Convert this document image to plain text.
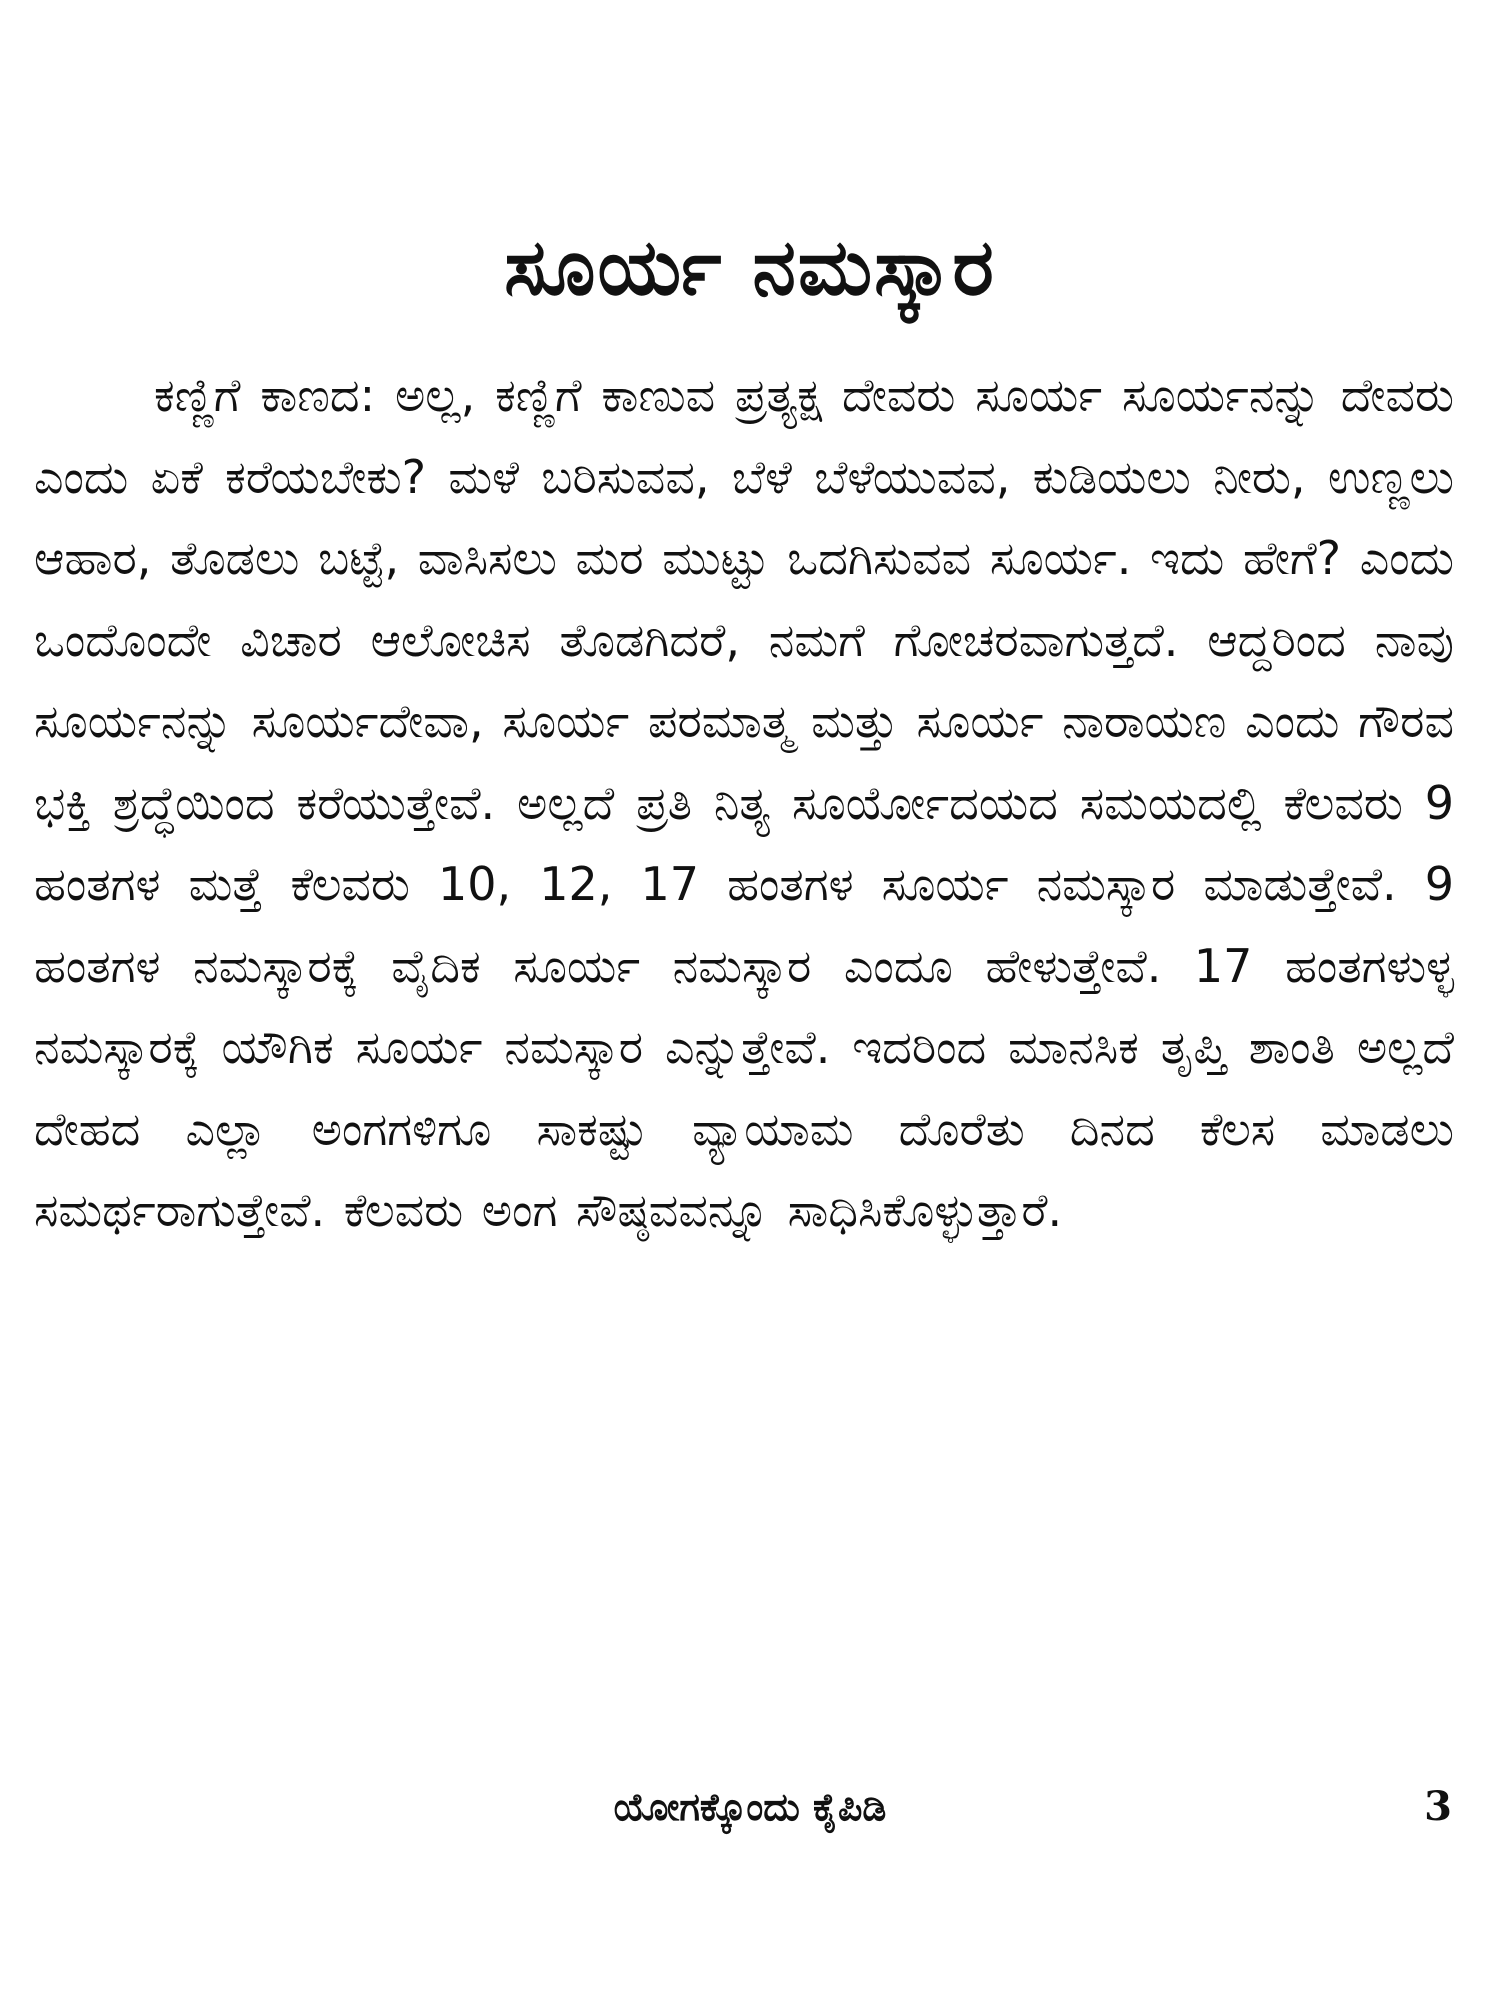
ಸೂರ್ಯ ನಮಸ್ಕಾರ

ಕಣ್ಣಿಗೆ ಕಾಣದ: ಅಲ್ಲ, ಕಣ್ಣಿಗೆ ಕಾಣುವ ಪ್ರತ್ಯಕ್ಷ ದೇವರು ಸೂರ್ಯ ಸೂರ್ಯನನ್ನು ದೇವರು ಎಂದು ಏಕೆ ಕರೆಯಬೇಕು? ಮಳೆ ಬರಿಸುವವ, ಬೆಳೆ ಬೆಳೆಯುವವ, ಕುಡಿಯಲು ನೀರು, ಉಣ್ಣಲು ಆಹಾರ, ತೊಡಲು ಬಟ್ಟೆ, ವಾಸಿಸಲು ಮರ ಮುಟ್ಟು ಒದಗಿಸುವವ ಸೂರ್ಯ. ಇದು ಹೇಗೆ? ಎಂದು ಒಂದೊಂದೇ ವಿಚಾರ ಆಲೋಚಿಸ ತೊಡಗಿದರೆ, ನಮಗೆ ಗೋಚರವಾಗುತ್ತದೆ. ಆದ್ದರಿಂದ ನಾವು ಸೂರ್ಯನನ್ನು ಸೂರ್ಯದೇವಾ, ಸೂರ್ಯ ಪರಮಾತ್ಮ ಮತ್ತು ಸೂರ್ಯ ನಾರಾಯಣ ಎಂದು ಗೌರವ ಭಕ್ತಿ ಶ್ರದ್ಧೆಯಿಂದ ಕರೆಯುತ್ತೇವೆ. ಅಲ್ಲದೆ ಪ್ರತಿ ನಿತ್ಯ ಸೂರ್ಯೋದಯದ ಸಮಯದಲ್ಲಿ ಕೆಲವರು 9 ಹಂತಗಳ ಮತ್ತೆ ಕೆಲವರು 10, 12, 17 ಹಂತಗಳ ಸೂರ್ಯ ನಮಸ್ಕಾರ ಮಾಡುತ್ತೇವೆ. 9 ಹಂತಗಳ ನಮಸ್ಕಾರಕ್ಕೆ ವೈದಿಕ ಸೂರ್ಯ ನಮಸ್ಕಾರ ಎಂದೂ ಹೇಳುತ್ತೇವೆ. 17 ಹಂತಗಳುಳ್ಳ ನಮಸ್ಕಾರಕ್ಕೆ ಯೌಗಿಕ ಸೂರ್ಯ ನಮಸ್ಕಾರ ಎನ್ನುತ್ತೇವೆ. ಇದರಿಂದ ಮಾನಸಿಕ ತೃಪ್ತಿ ಶಾಂತಿ ಅಲ್ಲದೆ ದೇಹದ ಎಲ್ಲಾ ಅಂಗಗಳಿಗೂ ಸಾಕಷ್ಟು ವ್ಯಾಯಾಮ ದೊರೆತು ದಿನದ ಕೆಲಸ ಮಾಡಲು ಸಮರ್ಥರಾಗುತ್ತೇವೆ. ಕೆಲವರು ಅಂಗ ಸೌಷ್ಠವವನ್ನೂ ಸಾಧಿಸಿಕೊಳ್ಳುತ್ತಾರೆ.

ಯೋಗಕ್ಕೊಂದು ಕೈಪಿಡಿ	3
